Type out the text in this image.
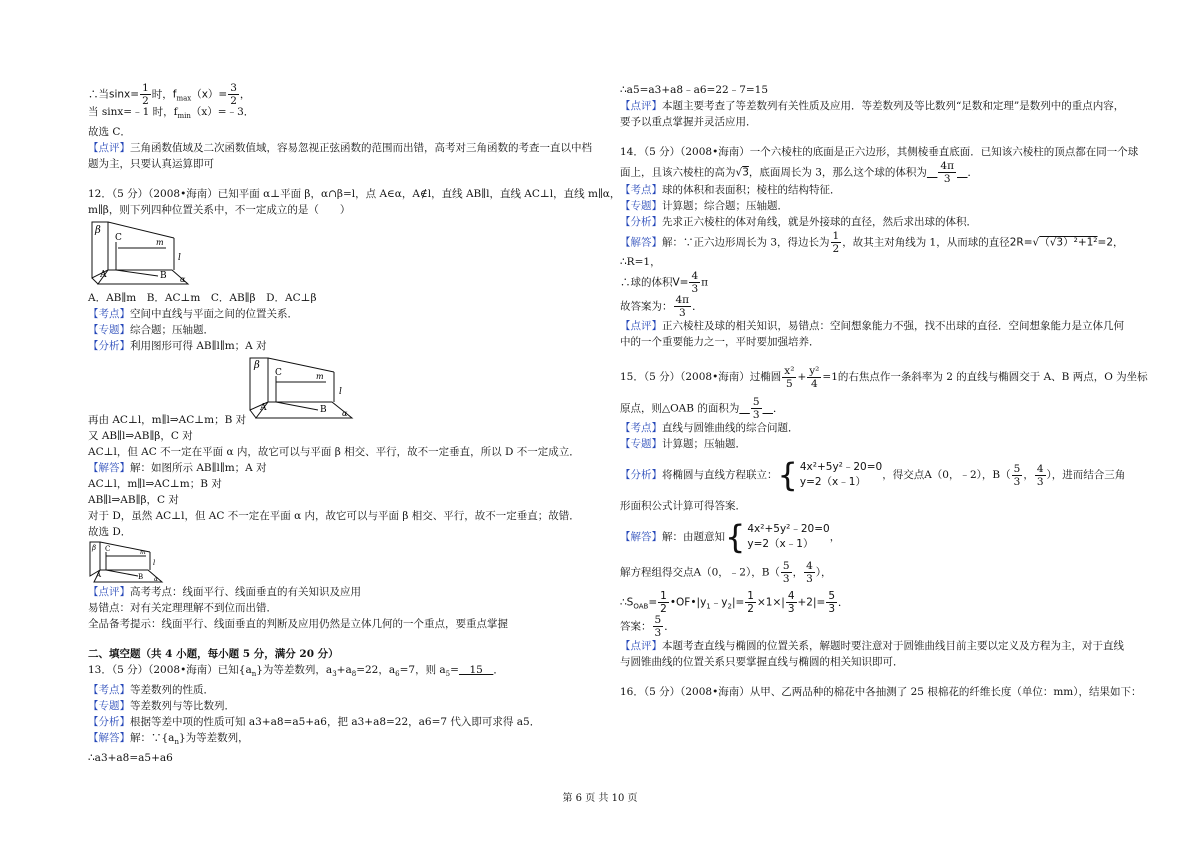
∴当$\sin x= \frac{1}{2}$ 时，$f_{max}(x)= \frac{3}{2}$ ，
当 sinx=﹣1 时，$f_{min}(x)=﹣3$．
故选 C．
【点评】三角函数值域及二次函数值域，容易忽视正弦函数的范围而出错，高考对三角函数的考查一直以中档
题为主，只要认真运算即可
12．（5 分）（2008•海南）已知平面 α⊥平面 β，α∩β=l，点 A∈α，A∉l，直线 AB∥l，直线 AC⊥l，直线 m∥α，
m∥β，则下列四种位置关系中，不一定成立的是（　　）
β
C	m
l
A	B α
A．AB∥m　B．AC⊥m　C．AB∥β　D．AC⊥β
【考点】空间中直线与平面之间的位置关系．
【专题】综合题；压轴题．
【分析】利用图形可得 AB∥l∥m；A 对
β
C	m
l
A	B α
再由 AC⊥l，m∥l⇒AC⊥m；B 对
又 AB∥l⇒AB∥β，C 对
AC⊥l，但 AC 不一定在平面 α 内，故它可以与平面 β 相交、平行，故不一定垂直，所以 D 不一定成立．
【解答】解：如图所示 AB∥l∥m；A 对
AC⊥l，m∥l⇒AC⊥m；B 对
AB∥l⇒AB∥β，C 对
对于 D，虽然 AC⊥l，但 AC 不一定在平面 α 内，故它可以与平面 β 相交、平行，故不一定垂直；故错．
故选 D．
β C	m
l
A	B α
【点评】高考考点：线面平行、线面垂直的有关知识及应用
易错点：对有关定理理解不到位而出错．
全品备考提示：线面平行、线面垂直的判断及应用仍然是立体几何的一个重点，要重点掌握
二、填空题（共 4 小题，每小题 5 分，满分 20 分）
13．（5 分）（2008•海南）已知$\{a_n\}$为等差数列，$a_3+a_8=22$，$a_6=7$，则 $a_5=$　15　．
【考点】等差数列的性质．
【专题】等差数列与等比数列．
【分析】根据等差中项的性质可知 a3+a8=a5+a6，把 a3+a8=22，a6=7 代入即可求得 a5．
【解答】解：$\because\{a_n\}$为等差数列，
∴a3+a8=a5+a6
∴a5=a3+a8﹣a6=22﹣7=15
【点评】本题主要考查了等差数列有关性质及应用．等差数列及等比数列“足数和定理”是数列中的重点内容，
要予以重点掌握并灵活应用．
14．（5 分）（2008•海南）一个六棱柱的底面是正六边形，其侧棱垂直底面．已知该六棱柱的顶点都在同一个球
面上，且该六棱柱的高为√3，底面周长为 3，那么这个球的体积为　 $\frac{4\pi}{3}$
　 ．
【考点】球的体积和表面积；棱柱的结构特征．
【专题】计算题；综合题；压轴题．
【分析】先求正六棱柱的体对角线，就是外接球的直径，然后求出球的体积．
【解答】解：∵正六边形周长为 3，得边长为 $\frac{1}{2}$ ，故其主对角线为 1，从而球的直径2R=√（√3）²+1²=2，
∴R=1，
∴球的体积$V= \frac{4}{3}$ π
故答案为： $\frac{4\pi}{3}$ ．
【点评】正六棱柱及球的相关知识，易错点：空间想象能力不强，找不出球的直径．空间想象能力是立体几何
中的一个重要能力之一，平时要加强培养．
15．（5 分）（2008•海南）过椭圆 $\frac{\text{x²}}{5} + \frac{\text{y²}}{4} =1$的右焦点作一条斜率为 2 的直线与椭圆交于 A、B 两点，O 为坐标
原点，则△OAB 的面积为　 $\frac{5}{3}$
　 ．
【考点】直线与圆锥曲线的综合问题．
【专题】计算题；压轴题．
【分析】将椭圆与直线方程联立： { 4x²+5y²﹣20=0
y=2（x﹣1）
，得交点A（0，﹣2），$B( \frac{5}{3}$ ， $\frac{4}{3}$ ），进而结合三角
形面积公式计算可得答案．
【解答】解：由题意知 { 4x²+5y²﹣20=0
y=2（x﹣1）
，
解方程组得交点A（0，﹣2），$B( \frac{5}{3}$ ， $\frac{4}{3}$ ），
$\therefore S_{OAB}= \frac{1}{2}$ $•OF•|y_1﹣y_2|= \frac{1}{2} \times 1\times| \frac{4}{3} +2|= \frac{5}{3}$ ．
答案： $\frac{5}{3}$ ．
【点评】本题考查直线与椭圆的位置关系，解题时要注意对于圆锥曲线目前主要以定义及方程为主，对于直线
与圆锥曲线的位置关系只要掌握直线与椭圆的相关知识即可．
16．（5 分）（2008•海南）从甲、乙两品种的棉花中各抽测了 25 根棉花的纤维长度（单位：mm），结果如下：
第 6 页 共 10 页
